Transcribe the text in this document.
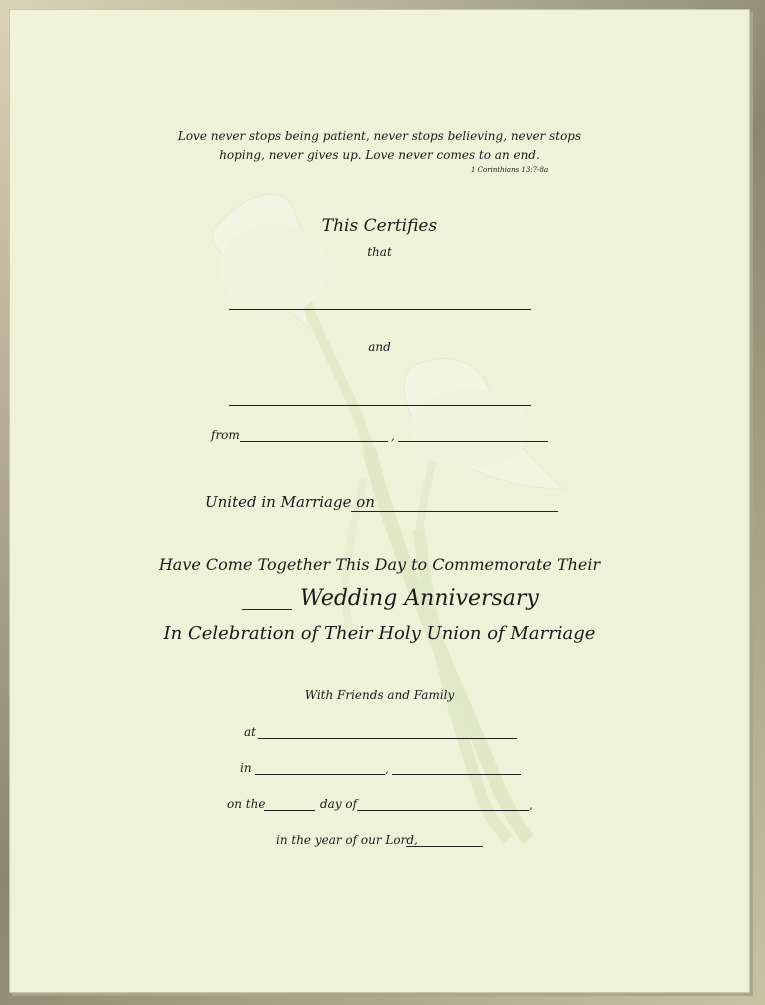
Love never stops being patient, never stops believing, never stops
hoping, never gives up. Love never comes to an end.
1 Corinthians 13:7-8a
This Certifies
that
and
from	,
United in Marriage on
Have Come Together This Day to Commemorate Their
Wedding Anniversary
In Celebration of Their Holy Union of Marriage
With Friends and Family
at
in	,
on the	day of	,
in the year of our Lord,
